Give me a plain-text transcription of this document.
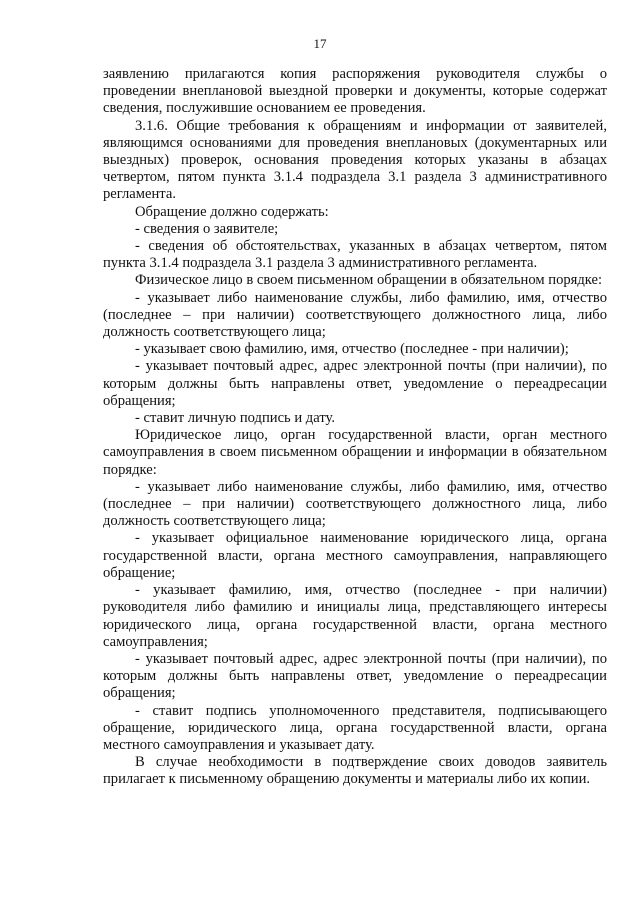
17

заявлению прилагаются копия распоряжения руководителя службы о проведении внеплановой выездной проверки и документы, которые содержат сведения, послужившие основанием ее проведения.

3.1.6. Общие требования к обращениям и информации от заявителей, являющимся основаниями для проведения внеплановых (документарных или выездных) проверок, основания проведения которых указаны в абзацах четвертом, пятом пункта 3.1.4 подраздела 3.1 раздела 3 административного регламента.

Обращение должно содержать:

- сведения о заявителе;

- сведения об обстоятельствах, указанных в абзацах четвертом, пятом пункта 3.1.4 подраздела 3.1 раздела 3 административного регламента.

Физическое лицо в своем письменном обращении в обязательном порядке:

- указывает либо наименование службы, либо фамилию, имя, отчество (последнее – при наличии) соответствующего должностного лица, либо должность соответствующего лица;

- указывает свою фамилию, имя, отчество (последнее - при наличии);

- указывает почтовый адрес, адрес электронной почты (при наличии), по которым должны быть направлены ответ, уведомление о переадресации обращения;

- ставит личную подпись и дату.

Юридическое лицо, орган государственной власти, орган местного самоуправления в своем письменном обращении и информации в обязательном порядке:

- указывает либо наименование службы, либо фамилию, имя, отчество (последнее – при наличии) соответствующего должностного лица, либо должность соответствующего лица;

- указывает официальное наименование юридического лица, органа государственной власти, органа местного самоуправления, направляющего обращение;

- указывает фамилию, имя, отчество (последнее - при наличии) руководителя либо фамилию и инициалы лица, представляющего интересы юридического лица, органа государственной власти, органа местного самоуправления;

- указывает почтовый адрес, адрес электронной почты (при наличии), по которым должны быть направлены ответ, уведомление о переадресации обращения;

- ставит подпись уполномоченного представителя, подписывающего обращение, юридического лица, органа государственной власти, органа местного самоуправления и указывает дату.

В случае необходимости в подтверждение своих доводов заявитель прилагает к письменному обращению документы и материалы либо их копии.
